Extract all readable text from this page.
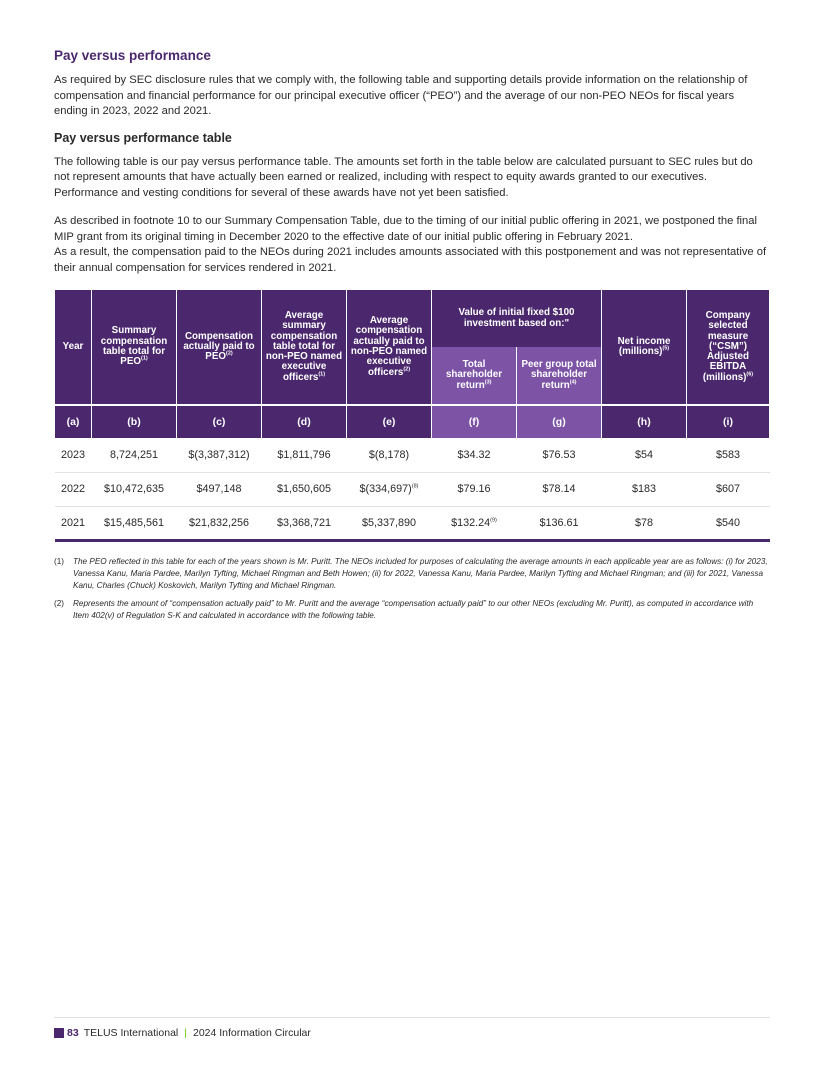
Pay versus performance

As required by SEC disclosure rules that we comply with, the following table and supporting details provide information on the relationship of compensation and financial performance for our principal executive officer (“PEO”) and the average of our non-PEO NEOs for fiscal years ending in 2023, 2022 and 2021.

Pay versus performance table

The following table is our pay versus performance table. The amounts set forth in the table below are calculated pursuant to SEC rules but do not represent amounts that have actually been earned or realized, including with respect to equity awards granted to our executives. Performance and vesting conditions for several of these awards have not yet been satisfied.

As described in footnote 10 to our Summary Compensation Table, due to the timing of our initial public offering in 2021, we postponed the final MIP grant from its original timing in December 2020 to the effective date of our initial public offering in February 2021.
As a result, the compensation paid to the NEOs during 2021 includes amounts associated with this postponement and was not representative of their annual compensation for services rendered in 2021.

Year	Summary compensation table total for PEO$^{(1)}$	Compensation actually paid to PEO$^{(2)}$	Average summary compensation table total for non-PEO named executive officers$^{(1)}$	Average compensation actually paid to non-PEO named executive officers$^{(2)}$	Value of initial fixed $100 investment based on:"		Net income (millions)$^{(5)}$	Company selected measure (“CSM”) Adjusted EBITDA (millions)$^{(6)}$
					Total shareholder return$^{(3)}$	Peer group total shareholder return$^{(4)}$
(a)	(b)	(c)	(d)	(e)	(f)	(g)	(h)	(i)
2023	8,724,251	$(3,387,312)	$1,811,796	$(8,178)	$34.32	$76.53	$54	$583
2022	$10,472,635	$497,148	$1,650,605	$\$(334,697)^{(8)}$	$79.16	$78.14	$183	$607
2021	$15,485,561	$21,832,256	$3,368,721	$5,337,890	$132.24$^{(9)}$	$136.61	$78	$540
(1)	The PEO reflected in this table for each of the years shown is Mr. Puritt. The NEOs included for purposes of calculating the average amounts in each applicable year are as follows: (i) for 2023, Vanessa Kanu, Maria Pardee, Marilyn Tyfting, Michael Ringman and Beth Howen; (ii) for 2022, Vanessa Kanu, Maria Pardee, Marilyn Tyfting and Michael Ringman; and (iii) for 2021, Vanessa Kanu, Charles (Chuck) Koskovich, Marilyn Tyfting and Michael Ringman.
(2)	Represents the amount of “compensation actually paid” to Mr. Puritt and the average “compensation actually paid” to our other NEOs (excluding Mr. Puritt), as computed in accordance with Item 402(v) of Regulation S-K and calculated in accordance with the following table.
83 TELUS International | 2024 Information Circular
